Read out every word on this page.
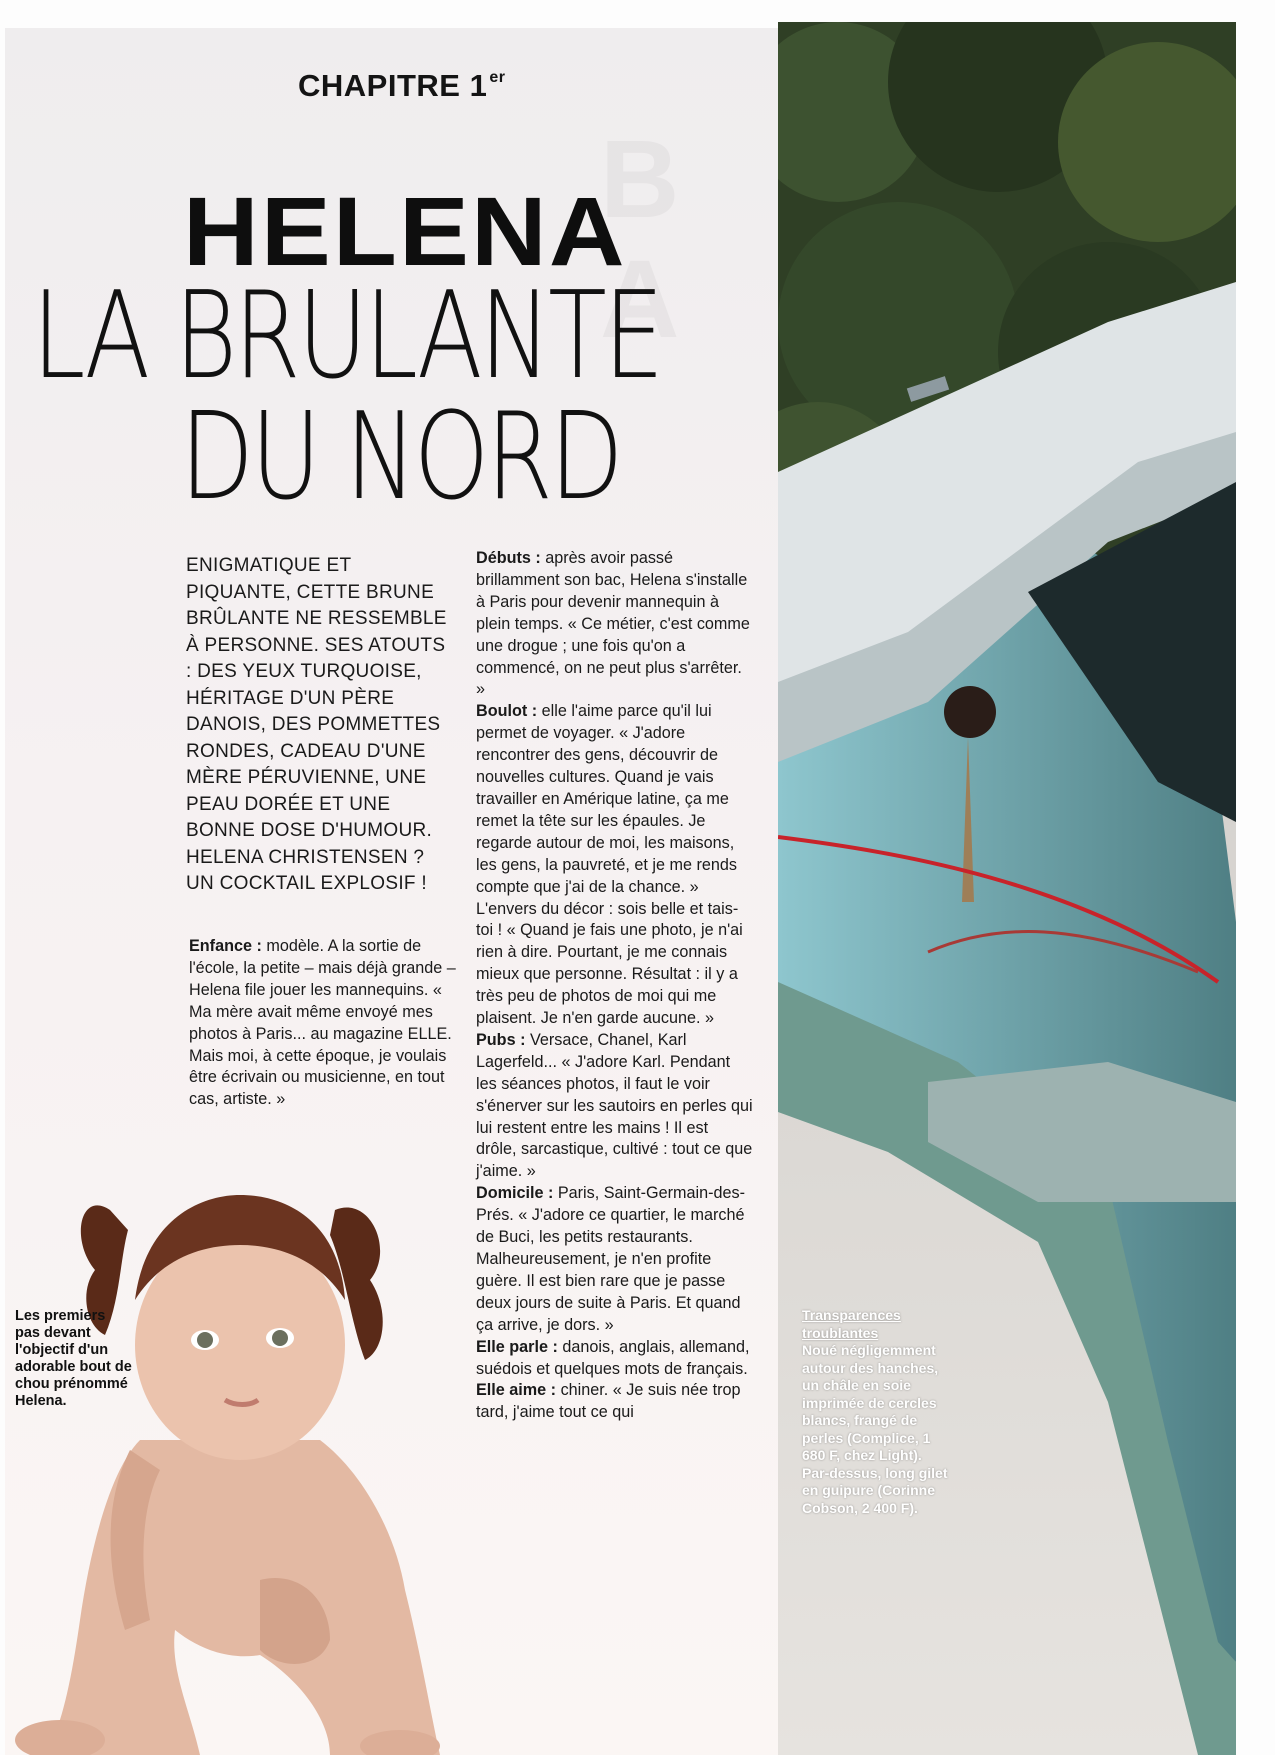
CHAPITRE 1 $^{er}$
HELENA
LA BRULANTE
DU NORD
ENIGMATIQUE ET PIQUANTE, CETTE BRUNE BRÛLANTE NE RESSEMBLE À PERSONNE. SES ATOUTS : DES YEUX TURQUOISE, HÉRITAGE D'UN PÈRE DANOIS, DES POMMETTES RONDES, CADEAU D'UNE MÈRE PÉRUVIENNE, UNE PEAU DORÉE ET UNE BONNE DOSE D'HUMOUR. HELENA CHRISTENSEN ? UN COCKTAIL EXPLOSIF !

Enfance : modèle. A la sortie de l'école, la petite – mais déjà grande – Helena file jouer les mannequins. « Ma mère avait même envoyé mes photos à Paris... au magazine ELLE. Mais moi, à cette époque, je voulais être écrivain ou musicienne, en tout cas, artiste. »

Débuts : après avoir passé brillamment son bac, Helena s'installe à Paris pour devenir mannequin à plein temps. « Ce métier, c'est comme une drogue ; une fois qu'on a commencé, on ne peut plus s'arrêter. »

Boulot : elle l'aime parce qu'il lui permet de voyager. « J'adore rencontrer des gens, découvrir de nouvelles cultures. Quand je vais travailler en Amérique latine, ça me remet la tête sur les épaules. Je regarde autour de moi, les maisons, les gens, la pauvreté, et je me rends compte que j'ai de la chance. » L'envers du décor : sois belle et tais-toi ! « Quand je fais une photo, je n'ai rien à dire. Pourtant, je me connais mieux que personne. Résultat : il y a très peu de photos de moi qui me plaisent. Je n'en garde aucune. »

Pubs : Versace, Chanel, Karl Lagerfeld... « J'adore Karl. Pendant les séances photos, il faut le voir s'énerver sur les sautoirs en perles qui lui restent entre les mains ! Il est drôle, sarcastique, cultivé : tout ce que j'aime. »

Domicile : Paris, Saint-Germain-des-Prés. « J'adore ce quartier, le marché de Buci, les petits restaurants. Malheureusement, je n'en profite guère. Il est bien rare que je passe deux jours de suite à Paris. Et quand ça arrive, je dors. »

Elle parle : danois, anglais, allemand, suédois et quelques mots de français.

Elle aime : chiner. « Je suis née trop tard, j'aime tout ce qui

Les premiers pas devant l'objectif d'un adorable bout de chou prénommé Helena.
Transparences troublantes
Noué négligemment autour des hanches, un châle en soie imprimée de cercles blancs, frangé de perles (Complice, 1 680 F, chez Light). Par-dessus, long gilet en guipure (Corinne Cobson, 2 400 F).
